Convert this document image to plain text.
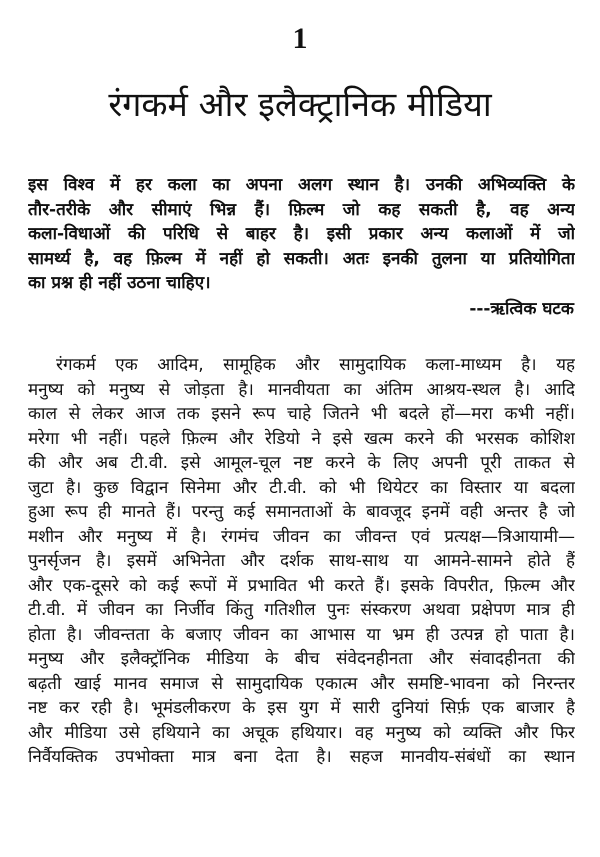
1
रंगकर्म और इलैक्ट्रानिक मीडिया
इस विश्व में हर कला का अपना अलग स्थान है। उनकी अभिव्यक्ति के
तौर-तरीके और सीमाएं भिन्न हैं। फ़िल्म जो कह सकती है, वह अन्य
कला-विधाओं की परिधि से बाहर है। इसी प्रकार अन्य कलाओं में जो
सामर्थ्य है, वह फ़िल्म में नहीं हो सकती। अतः इनकी तुलना या प्रतियोगिता
का प्रश्न ही नहीं उठना चाहिए।
---ऋत्विक घटक
रंगकर्म एक आदिम, सामूहिक और सामुदायिक कला-माध्यम है। यह
मनुष्य को मनुष्य से जोड़ता है। मानवीयता का अंतिम आश्रय-स्थल है। आदि
काल से लेकर आज तक इसने रूप चाहे जितने भी बदले हों—मरा कभी नहीं।
मरेगा भी नहीं। पहले फ़िल्म और रेडियो ने इसे खत्म करने की भरसक कोशिश
की और अब टी.वी. इसे आमूल-चूल नष्ट करने के लिए अपनी पूरी ताकत से
जुटा है। कुछ विद्वान सिनेमा और टी.वी. को भी थियेटर का विस्तार या बदला
हुआ रूप ही मानते हैं। परन्तु कई समानताओं के बावजूद इनमें वही अन्तर है जो
मशीन और मनुष्य में है। रंगमंच जीवन का जीवन्त एवं प्रत्यक्ष—त्रिआयामी—
पुनर्सृजन है। इसमें अभिनेता और दर्शक साथ-साथ या आमने-सामने होते हैं
और एक-दूसरे को कई रूपों में प्रभावित भी करते हैं। इसके विपरीत, फ़िल्म और
टी.वी. में जीवन का निर्जीव किंतु गतिशील पुनः संस्करण अथवा प्रक्षेपण मात्र ही
होता है। जीवन्तता के बजाए जीवन का आभास या भ्रम ही उत्पन्न हो पाता है।
मनुष्य और इलैक्ट्रॉनिक मीडिया के बीच संवेदनहीनता और संवादहीनता की
बढ़ती खाई मानव समाज से सामुदायिक एकात्म और समष्टि-भावना को निरन्तर
नष्ट कर रही है। भूमंडलीकरण के इस युग में सारी दुनियां सिर्फ़ एक बाजार है
और मीडिया उसे हथियाने का अचूक हथियार। वह मनुष्य को व्यक्ति और फिर
निर्वैयक्तिक उपभोक्ता मात्र बना देता है। सहज मानवीय-संबंधों का स्थान
